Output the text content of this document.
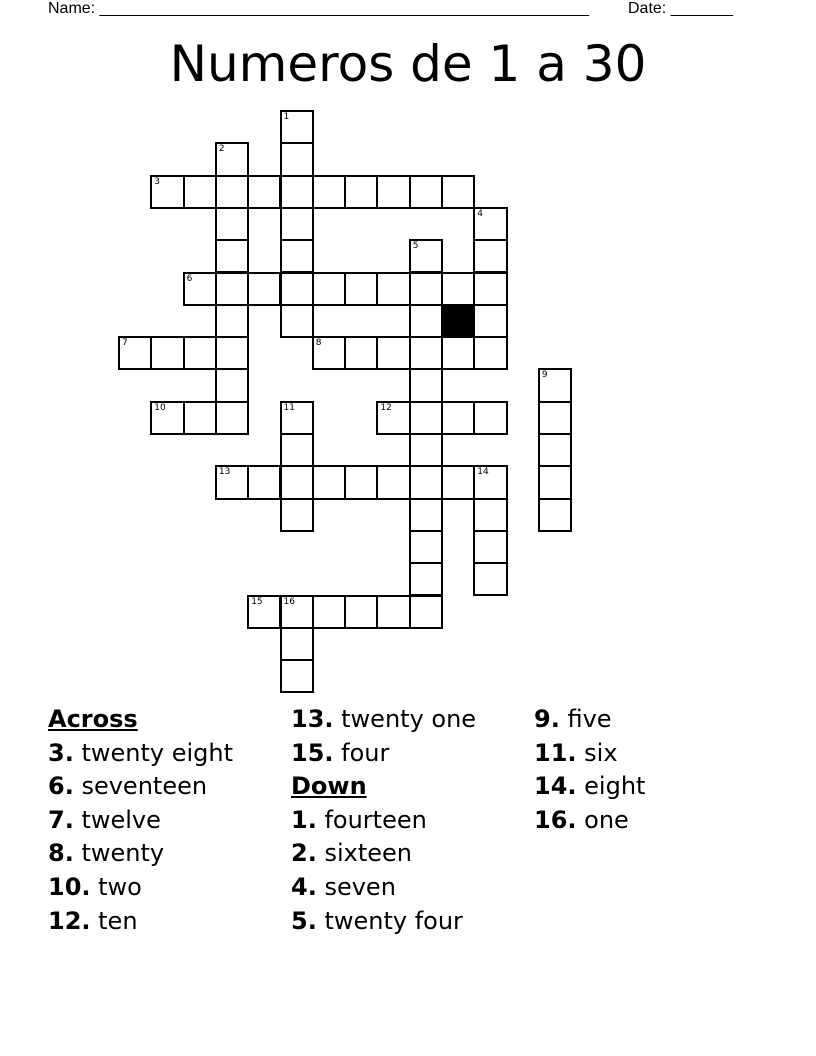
Name: _______________________________________________________ Date: _______
Numeros de 1 a 30
3
6
7	8
10	12
13	14
15 16
1
2
4
5
9
11
Across
3. twenty eight
6. seventeen
7. twelve
8. twenty
10. two
12. ten
13. twenty one
15. four
Down
1. fourteen
2. sixteen
4. seven
5. twenty four
9. five
11. six
14. eight
16. one
